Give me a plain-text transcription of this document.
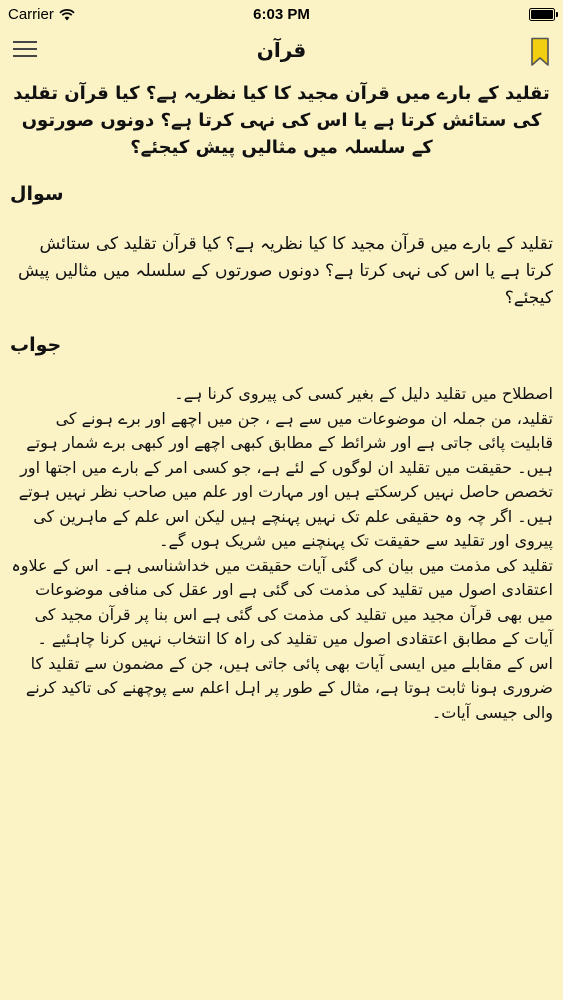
Carrier	6:03 PM
قرآن
تقلید کے بارے میں قرآن مجید کا کیا نظریہ ہے؟ کیا قرآن تقلید کی ستائش کرتا ہے یا اس کی نہی کرتا ہے؟ دونوں صورتوں کے سلسلہ میں مثالیں پیش کیجئے؟
سوال
تقلید کے بارے میں قرآن مجید کا کیا نظریہ ہے؟ کیا قرآن تقلید کی ستائش کرتا ہے یا اس کی نہی کرتا ہے؟ دونوں صورتوں کے سلسلہ میں مثالیں پیش کیجئے؟
جواب

اصطلاح میں تقلید دلیل کے بغیر کسی کی پیروی کرنا ہے۔

تقلید، من جملہ ان موضوعات میں سے ہے ، جن میں اچھے اور برے ہونے کی قابلیت پائی جاتی ہے اور شرائط کے مطابق کبھی اچھے اور کبھی برے شمار ہوتے ہیں۔ حقیقت میں تقلید ان لوگوں کے لئے ہے، جو کسی امر کے بارے میں اجتھا اور تخصص حاصل نہیں کرسکتے ہیں اور مہارت اور علم میں صاحب نظر نہیں ہوتے ہیں۔ اگر چہ وہ حقیقی علم تک نہیں پہنچے ہیں لیکن اس علم کے ماہرین کی پیروی اور تقلید سے حقیقت تک پہنچنے میں شریک ہوں گے۔

تقلید کی مذمت میں بیان کی گئی آیات حقیقت میں خداشناسی ہے۔ اس کے علاوہ اعتقادی اصول میں تقلید کی مذمت کی گئی ہے اور عقل کی منافی موضوعات میں بھی قرآن مجید میں تقلید کی مذمت کی گئی ہے اس بنا پر قرآن مجید کی آیات کے مطابق اعتقادی اصول میں تقلید کی راہ کا انتخاب نہیں کرنا چاہئیے ۔

اس کے مقابلے میں ایسی آیات بھی پائی جاتی ہیں، جن کے مضمون سے تقلید کا ضروری ہونا ثابت ہوتا ہے، مثال کے طور پر اہل اعلم سے پوچھنے کی تاکید کرنے والی جیسی آیات۔
